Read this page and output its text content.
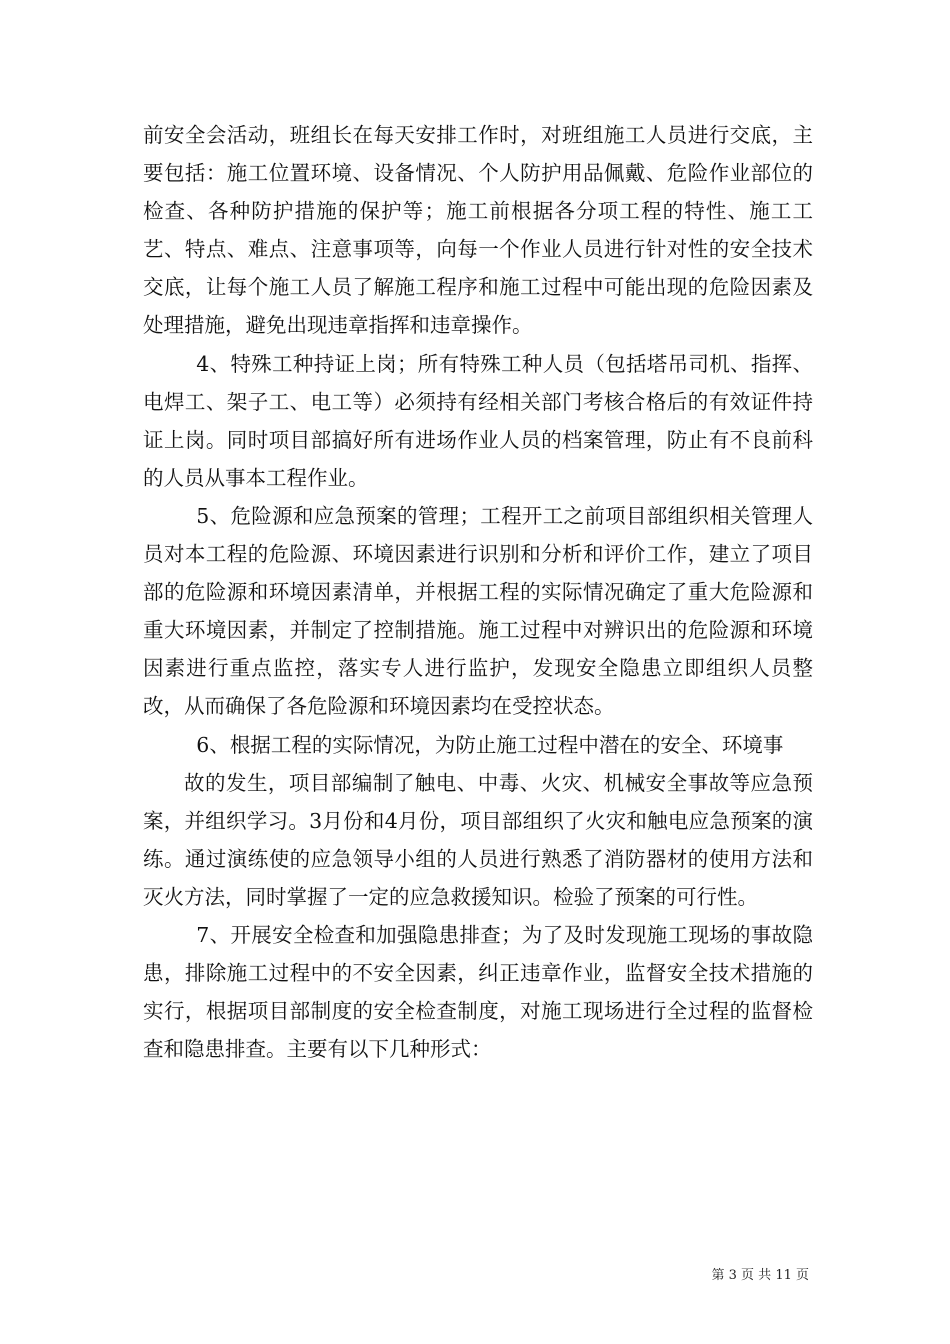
前安全会活动，班组长在每天安排工作时，对班组施工人员进行交底，主要包括：施工位置环境、设备情况、个人防护用品佩戴、危险作业部位的检查、各种防护措施的保护等；施工前根据各分项工程的特性、施工工艺、特点、难点、注意事项等，向每一个作业人员进行针对性的安全技术交底，让每个施工人员了解施工程序和施工过程中可能出现的危险因素及处理措施，避免出现违章指挥和违章操作。

4、特殊工种持证上岗；所有特殊工种人员（包括塔吊司机、指挥、电焊工、架子工、电工等）必须持有经相关部门考核合格后的有效证件持证上岗。同时项目部搞好所有进场作业人员的档案管理，防止有不良前科的人员从事本工程作业。

5、危险源和应急预案的管理；工程开工之前项目部组织相关管理人员对本工程的危险源、环境因素进行识别和分析和评价工作，建立了项目部的危险源和环境因素清单，并根据工程的实际情况确定了重大危险源和重大环境因素，并制定了控制措施。施工过程中对辨识出的危险源和环境因素进行重点监控，落实专人进行监护，发现安全隐患立即组织人员整改，从而确保了各危险源和环境因素均在受控状态。

6、根据工程的实际情况，为防止施工过程中潜在的安全、环境事

故的发生，项目部编制了触电、中毒、火灾、机械安全事故等应急预案，并组织学习。3月份和4月份，项目部组织了火灾和触电应急预案的演练。通过演练使的应急领导小组的人员进行熟悉了消防器材的使用方法和灭火方法，同时掌握了一定的应急救援知识。检验了预案的可行性。

7、开展安全检查和加强隐患排查；为了及时发现施工现场的事故隐患，排除施工过程中的不安全因素，纠正违章作业，监督安全技术措施的实行，根据项目部制度的安全检查制度，对施工现场进行全过程的监督检查和隐患排查。主要有以下几种形式：

第 3 页 共 11 页
